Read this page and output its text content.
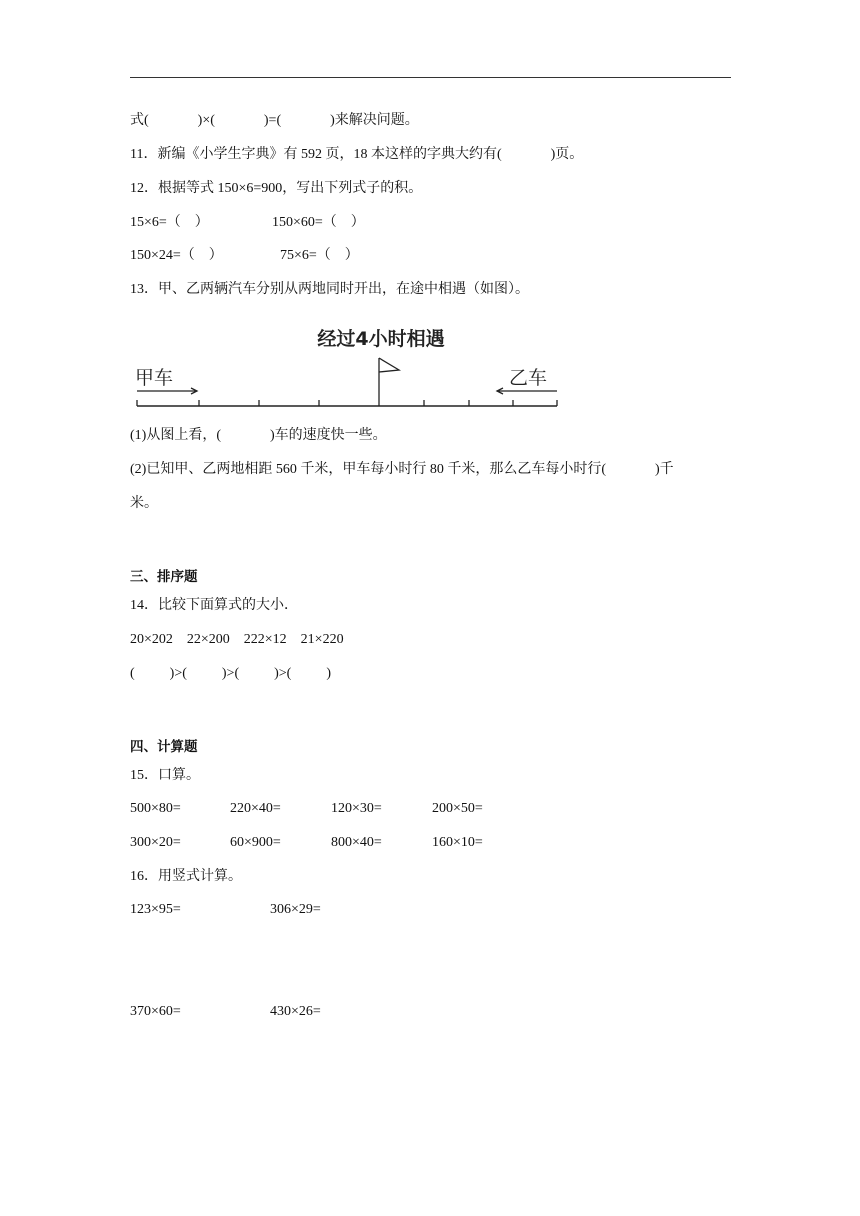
式(              )×(              )=(              )来解决问题。
11．新编《小学生字典》有 592 页，18 本这样的字典大约有(              )页。
12．根据等式 150×6=900，写出下列式子的积。
15×6=（    ）	150×60=（    ）
150×24=（    ）	75×6=（    ）
13．甲、乙两辆汽车分别从两地同时开出，在途中相遇（如图）。
经过4小时相遇
甲车	乙车
(1)从图上看，(              )车的速度快一些。
(2)已知甲、乙两地相距 560 千米，甲车每小时行 80 千米，那么乙车每小时行(              )千
米。
三、排序题
14．比较下面算式的大小．
20×202    22×200    222×12    21×220
(          )>(          )>(          )>(          )
四、计算题
15．口算。
500×80=	220×40=	120×30=	200×50=
300×20=	60×900=	800×40=	160×10=
16．用竖式计算。
123×95=	306×29=
370×60=	430×26=
